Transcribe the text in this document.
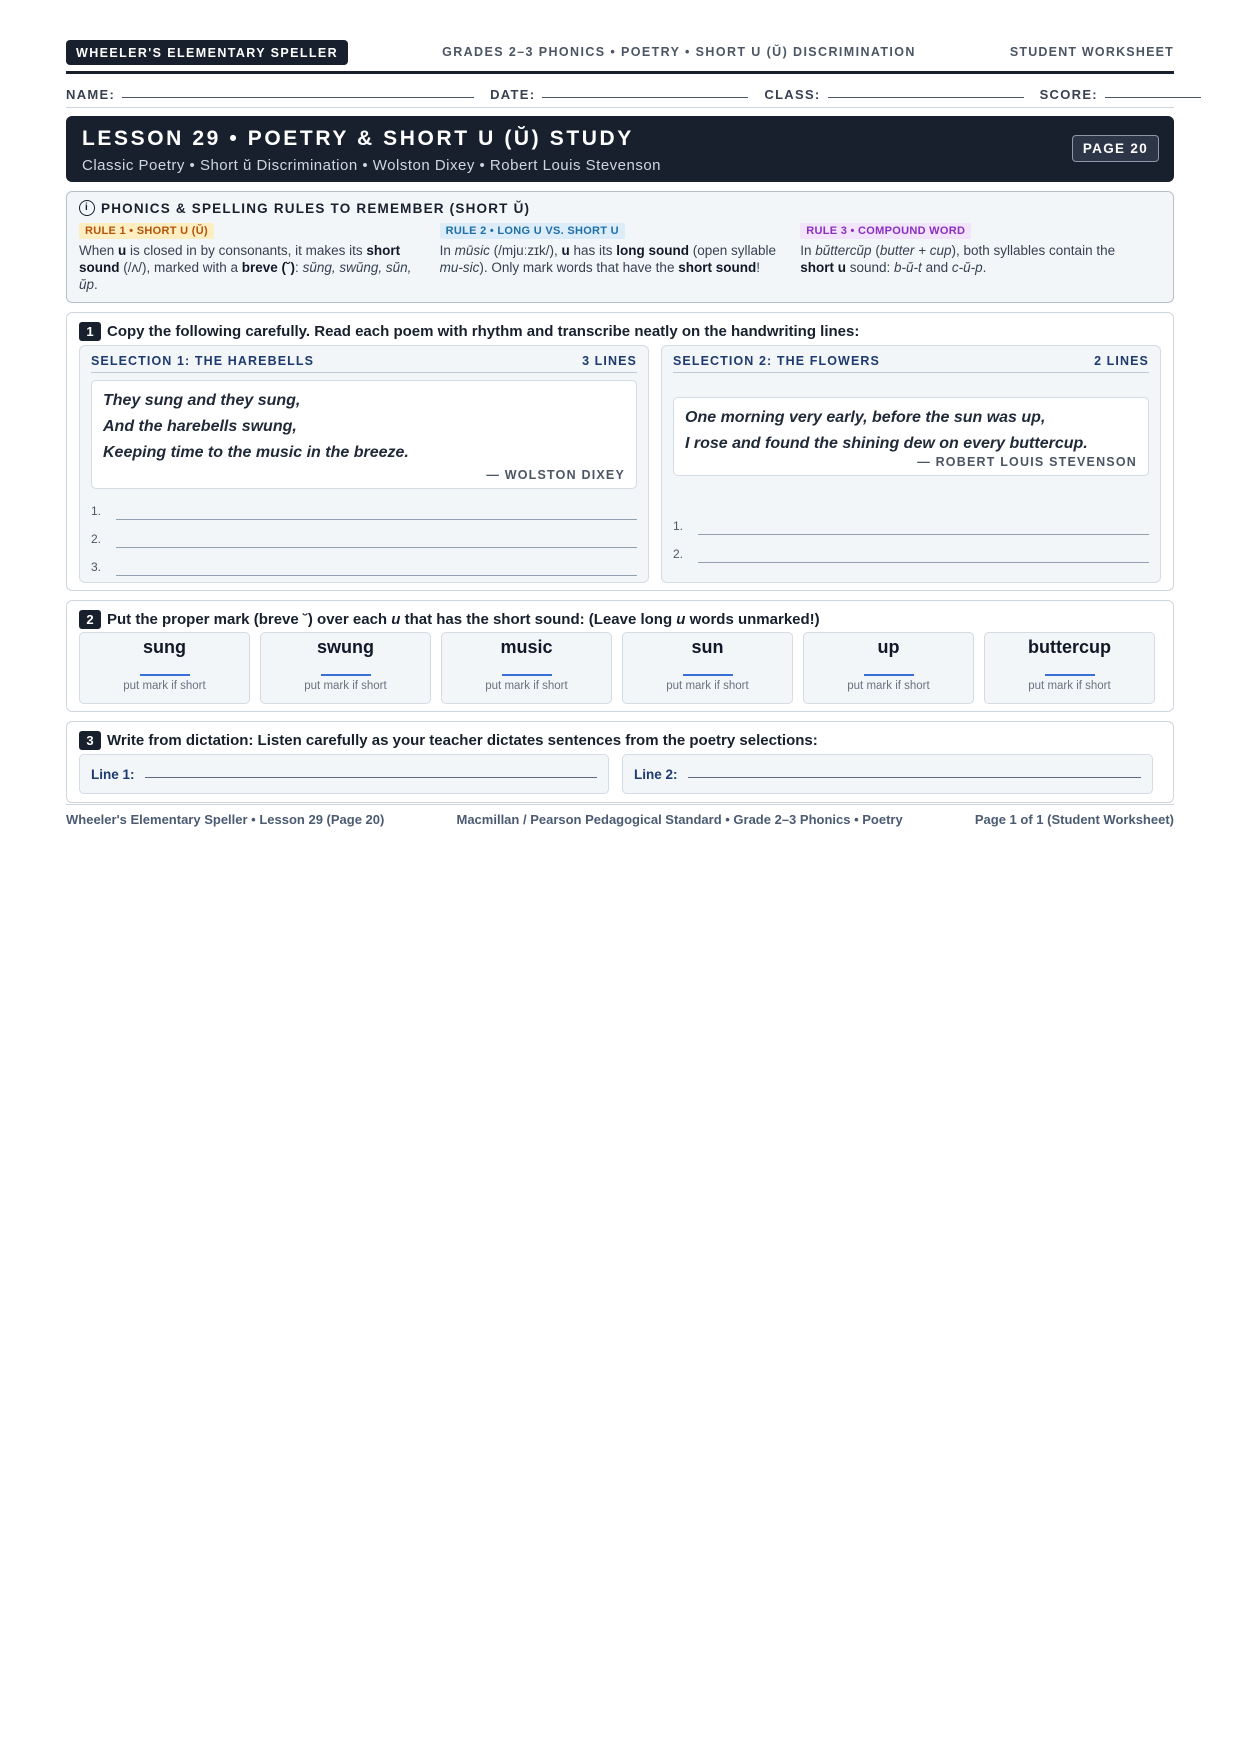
WHEELER'S ELEMENTARY SPELLER	GRADES 2–3 PHONICS • POETRY • SHORT U (Ŭ) DISCRIMINATION	STUDENT WORKSHEET
NAME:	DATE:	CLASS:	SCORE:
LESSON 29 • POETRY & SHORT U (Ŭ) STUDY
Classic Poetry • Short ŭ Discrimination • Wolston Dixey • Robert Louis Stevenson
PAGE 20
i PHONICS & SPELLING RULES TO REMEMBER (SHORT Ŭ)
RULE 1 • SHORT U (Ŭ)
When u is closed in by consonants, it makes its short sound (/ʌ/), marked with a breve (˘): sŭng, swŭng, sŭn, ŭp.
RULE 2 • LONG U VS. SHORT U
In mūsic (/mjuːzɪk/), u has its long sound (open syllable mu-sic). Only mark words that have the short sound!
RULE 3 • COMPOUND WORD
In bŭttercŭp (butter + cup), both syllables contain the short u sound: b-ŭ-t and c-ŭ-p.
1 Copy the following carefully. Read each poem with rhythm and transcribe neatly on the handwriting lines:
SELECTION 1: THE HAREBELLS	3 LINES
They sung and they sung,
And the harebells swung,
Keeping time to the music in the breeze.
— WOLSTON DIXEY
1.
2.
3.
SELECTION 2: THE FLOWERS	2 LINES
One morning very early, before the sun was up,
I rose and found the shining dew on every buttercup.
— ROBERT LOUIS STEVENSON
1.
2.
2 Put the proper mark (breve ˘) over each u that has the short sound: (Leave long u words unmarked!)
sung
put mark if short
swung
put mark if short
music
put mark if short
sun
put mark if short
up
put mark if short
buttercup
put mark if short
3 Write from dictation: Listen carefully as your teacher dictates sentences from the poetry selections:
Line 1:	Line 2:
Wheeler's Elementary Speller • Lesson 29 (Page 20)	Macmillan / Pearson Pedagogical Standard • Grade 2–3 Phonics • Poetry	Page 1 of 1 (Student Worksheet)
